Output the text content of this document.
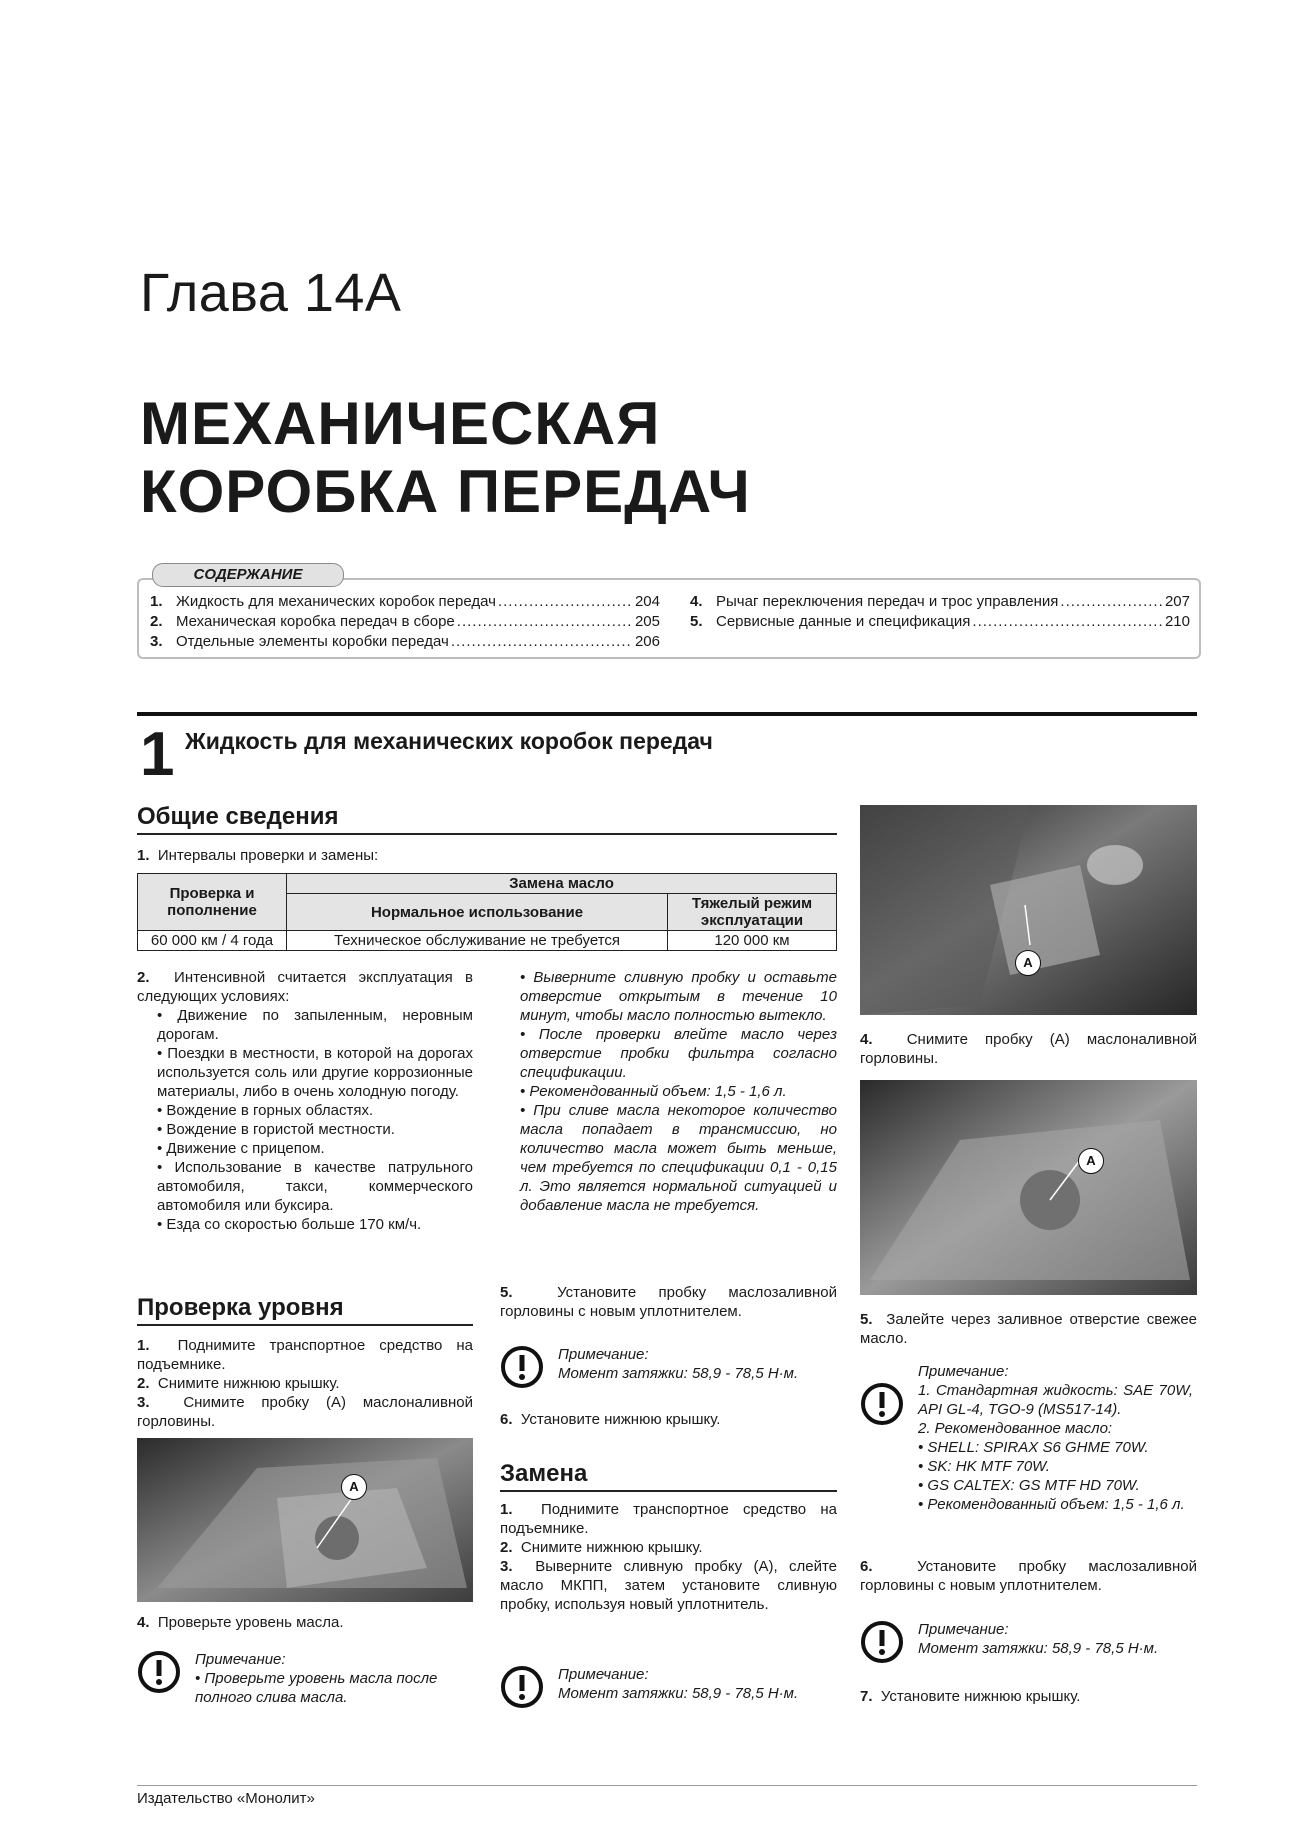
Глава 14А
МЕХАНИЧЕСКАЯ
КОРОБКА ПЕРЕДАЧ
СОДЕРЖАНИЕ
1. Жидкость для механических коробок передач .....	204
2. Механическая коробка передач в сборе .....	205
3. Отдельные элементы коробки передач .....	206
4. Рычаг переключения передач и трос управления .....	207
5. Сервисные данные и спецификация .....	210
1 Жидкость для механических коробок передач
Общие сведения
1. Интервалы проверки и замены:
Проверка и пополнение	Замена масло	
	Нормальное использование	Тяжелый режим эксплуатации
60 000 км / 4 года	Техническое обслуживание не требуется	120 000 км

2. Интенсивной считается эксплуатация в следующих условиях:

• Движение по запыленным, неровным дорогам.

• Поездки в местности, в которой на дорогах используется соль или другие коррозионные материалы, либо в очень холодную погоду.

• Вождение в горных областях.

• Вождение в гористой местности.

• Движение с прицепом.

• Использование в качестве патрульного автомобиля, такси, коммерческого автомобиля или буксира.

• Езда со скоростью больше 170 км/ч.

Проверка уровня

1. Поднимите транспортное средство на подъемнике.

2. Снимите нижнюю крышку.

3. Снимите пробку (А) маслоналивной горловины.

A
4. Проверьте уровень масла.
Примечание:
• Проверьте уровень масла после полного слива масла.

• Выверните сливную пробку и оставьте отверстие открытым в течение 10 минут, чтобы масло полностью вытекло.

• После проверки влейте масло через отверстие пробки фильтра согласно спецификации.

• Рекомендованный объем: 1,5 - 1,6 л.

• При сливе масла некоторое количество масла попадает в трансмиссию, но количество масла может быть меньше, чем требуется по спецификации 0,1 - 0,15 л. Это является нормальной ситуацией и добавление масла не требуется.

5.	Установите пробку маслозаливной горловины с новым уплотнителем.
Примечание:
Момент затяжки: 58,9 - 78,5 Н·м.
6. Установите нижнюю крышку.
Замена

1. Поднимите транспортное средство на подъемнике.

2. Снимите нижнюю крышку.

3. Выверните сливную пробку (А), слейте масло МКПП, затем установите сливную пробку, используя новый уплотнитель.

Примечание:
Момент затяжки: 58,9 - 78,5 Н·м.
A
4. Снимите пробку (А) маслоналивной горловины.
A
5. Залейте через заливное отверстие свежее масло.
Примечание:
1. Стандартная жидкость: SAE 70W, API GL-4, TGO-9 (MS517-14).
2. Рекомендованное масло:
• SHELL: SPIRAX S6 GHME 70W.
• SK: HK MTF 70W.
• GS CALTEX: GS MTF HD 70W.
• Рекомендованный объем: 1,5 - 1,6 л.
6.	Установите пробку маслозаливной горловины с новым уплотнителем.
Примечание:
Момент затяжки: 58,9 - 78,5 Н·м.
7. Установите нижнюю крышку.
Издательство «Монолит»
